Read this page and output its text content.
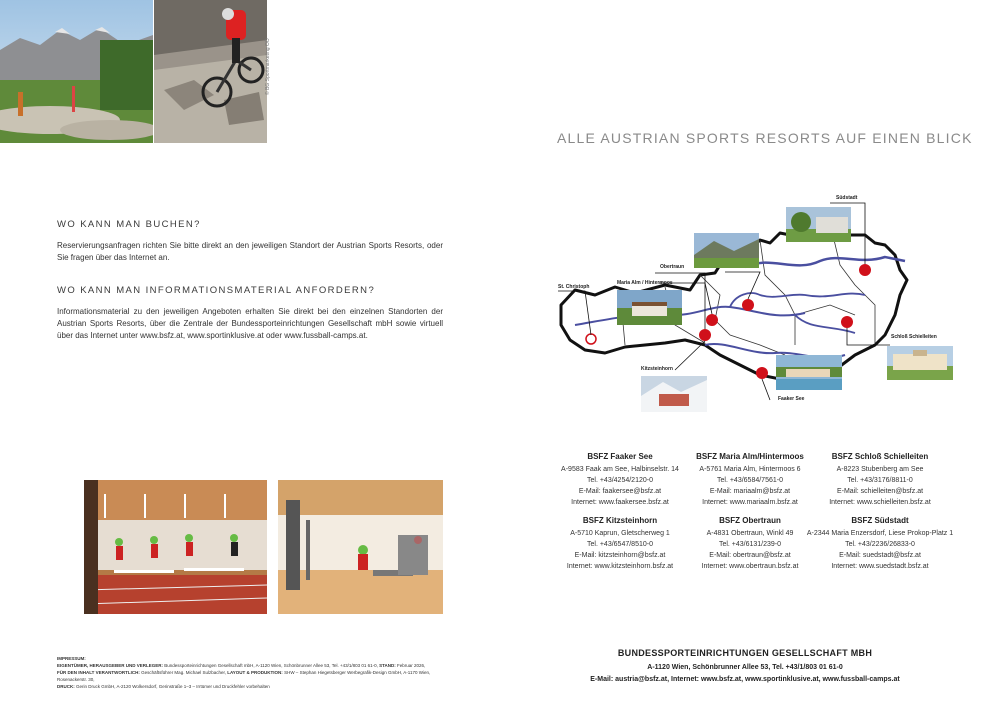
© BG Sportmarketing OÖ
WO KANN MAN BUCHEN?
Reservierungsanfragen richten Sie bitte direkt an den jeweiligen Standort der Austrian Sports Resorts, oder Sie fragen über das Internet an.
WO KANN MAN INFORMATIONSMATERIAL ANFORDERN?
Informationsmaterial zu den jeweiligen Angeboten erhalten Sie direkt bei den einzelnen Standorten der Austrian Sports Resorts, über die Zentrale der Bundessporteinrichtungen Gesellschaft mbH sowie virtuell über das Internet unter www.bsfz.at, www.sportinklusive.at oder www.fussball-camps.at.
ALLE AUSTRIAN SPORTS RESORTS AUF EINEN BLICK
St. Christoph
Maria Alm / Hintermoos
Obertraun
Südstadt
Schloß Schielleiten
Kitzsteinhorn
Faaker See
BSFZ Faaker See
A-9583 Faak am See, Halbinselstr. 14
Tel. +43/4254/2120-0
E-Mail: faakersee@bsfz.at
Internet: www.faakersee.bsfz.at
BSFZ Maria Alm/Hintermoos
A-5761 Maria Alm, Hintermoos 6
Tel. +43/6584/7561-0
E-Mail: mariaalm@bsfz.at
Internet: www.mariaalm.bsfz.at
BSFZ Schloß Schielleiten
A-8223 Stubenberg am See
Tel. +43/3176/8811-0
E-Mail: schielleiten@bsfz.at
Internet: www.schielleiten.bsfz.at
BSFZ Kitzsteinhorn
A-5710 Kaprun, Gletscherweg 1
Tel. +43/6547/8510-0
E-Mail: kitzsteinhorn@bsfz.at
Internet: www.kitzsteinhorn.bsfz.at
BSFZ Obertraun
A-4831 Obertraun, Winkl 49
Tel. +43/6131/239-0
E-Mail: obertraun@bsfz.at
Internet: www.obertraun.bsfz.at
BSFZ Südstadt
A-2344 Maria Enzersdorf, Liese Prokop-Platz 1
Tel. +43/2236/26833-0
E-Mail: suedstadt@bsfz.at
Internet: www.suedstadt.bsfz.at
IMPRESSUM:
EIGENTÜMER, HERAUSGEBER UND VERLEGER: Bundessporteinrichtungen Gesellschaft mbH, A-1120 Wien, Schönbrunner Allee 53, Tel. +43/1/803 01 61-0, STAND: Februar 2026,
FÜR DEN INHALT VERANTWORTLICH: Geschäftsführer Mag. Michael Sulzbacher, LAYOUT & PRODUKTION: SHW – Stephan Hiegetsberger Werbegrafik-Design GmbH, A-1170 Wien, Rosenackerstr. 30,
DRUCK: Gerin Druck GmbH, A-2120 Wolkersdorf, Gerinstraße 1–3 – Irrtümer und Druckfehler vorbehalten
BUNDESSPORTEINRICHTUNGEN GESELLSCHAFT MBH
A-1120 Wien, Schönbrunner Allee 53, Tel. +43/1/803 01 61-0
E-Mail: austria@bsfz.at, Internet: www.bsfz.at, www.sportinklusive.at, www.fussball-camps.at
